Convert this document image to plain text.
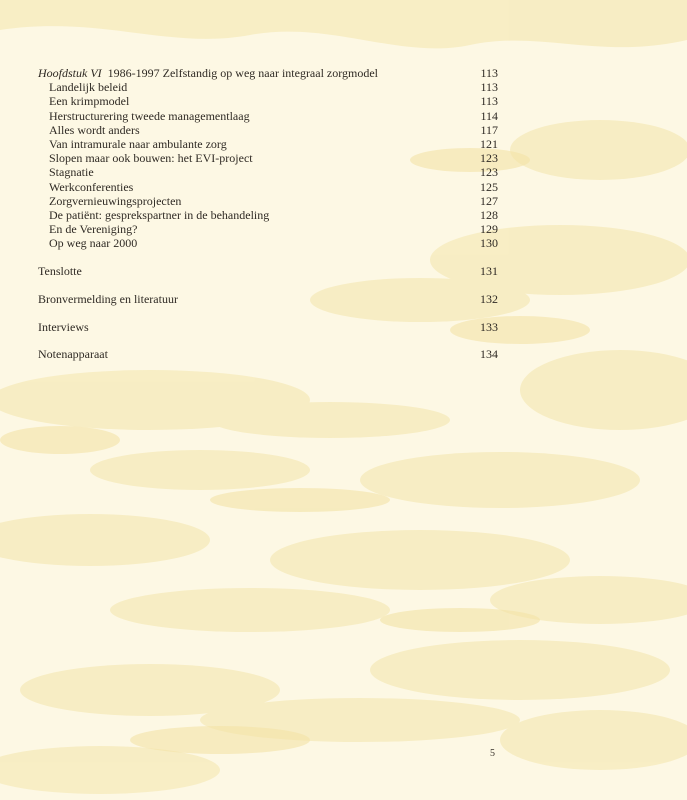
Hoofdstuk VI 1986-1997 Zelfstandig op weg naar integraal zorgmodel	113
Landelijk beleid	113
Een krimpmodel	113
Herstructurering tweede managementlaag	114
Alles wordt anders	117
Van intramurale naar ambulante zorg	121
Slopen maar ook bouwen: het EVI-project	123
Stagnatie	123
Werkconferenties	125
Zorgvernieuwingsprojecten	127
De patiënt: gesprekspartner in de behandeling	128
En de Vereniging?	129
Op weg naar 2000	130
Tenslotte	131
Bronvermelding en literatuur	132
Interviews	133
Notenapparaat	134
5
